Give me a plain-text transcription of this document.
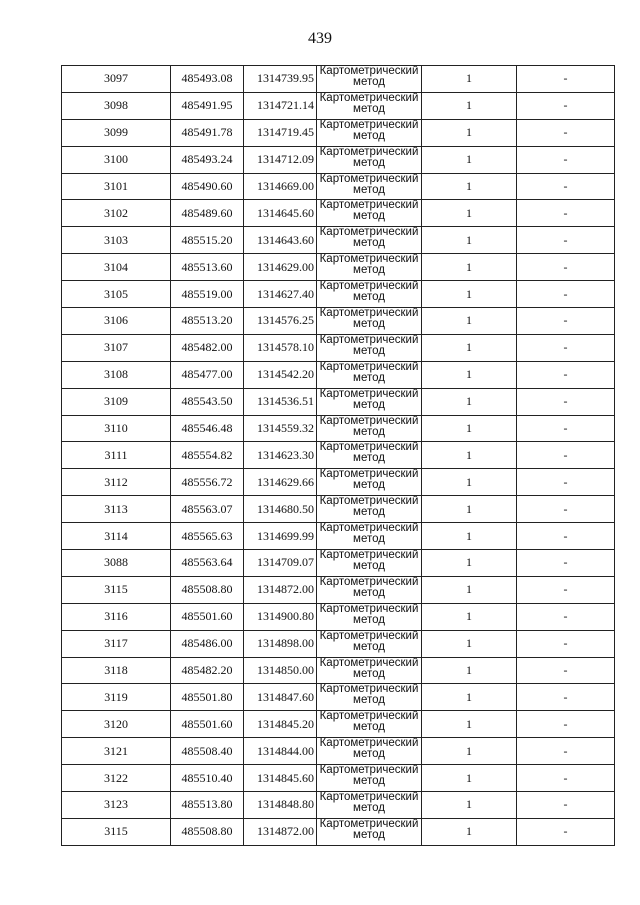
439
3097	485493.08	1314739.95	Картометрический метод	1	-
3098	485491.95	1314721.14	Картометрический метод	1	-
3099	485491.78	1314719.45	Картометрический метод	1	-
3100	485493.24	1314712.09	Картометрический метод	1	-
3101	485490.60	1314669.00	Картометрический метод	1	-
3102	485489.60	1314645.60	Картометрический метод	1	-
3103	485515.20	1314643.60	Картометрический метод	1	-
3104	485513.60	1314629.00	Картометрический метод	1	-
3105	485519.00	1314627.40	Картометрический метод	1	-
3106	485513.20	1314576.25	Картометрический метод	1	-
3107	485482.00	1314578.10	Картометрический метод	1	-
3108	485477.00	1314542.20	Картометрический метод	1	-
3109	485543.50	1314536.51	Картометрический метод	1	-
3110	485546.48	1314559.32	Картометрический метод	1	-
3111	485554.82	1314623.30	Картометрический метод	1	-
3112	485556.72	1314629.66	Картометрический метод	1	-
3113	485563.07	1314680.50	Картометрический метод	1	-
3114	485565.63	1314699.99	Картометрический метод	1	-
3088	485563.64	1314709.07	Картометрический метод	1	-
3115	485508.80	1314872.00	Картометрический метод	1	-
3116	485501.60	1314900.80	Картометрический метод	1	-
3117	485486.00	1314898.00	Картометрический метод	1	-
3118	485482.20	1314850.00	Картометрический метод	1	-
3119	485501.80	1314847.60	Картометрический метод	1	-
3120	485501.60	1314845.20	Картометрический метод	1	-
3121	485508.40	1314844.00	Картометрический метод	1	-
3122	485510.40	1314845.60	Картометрический метод	1	-
3123	485513.80	1314848.80	Картометрический метод	1	-
3115	485508.80	1314872.00	Картометрический метод	1	-
